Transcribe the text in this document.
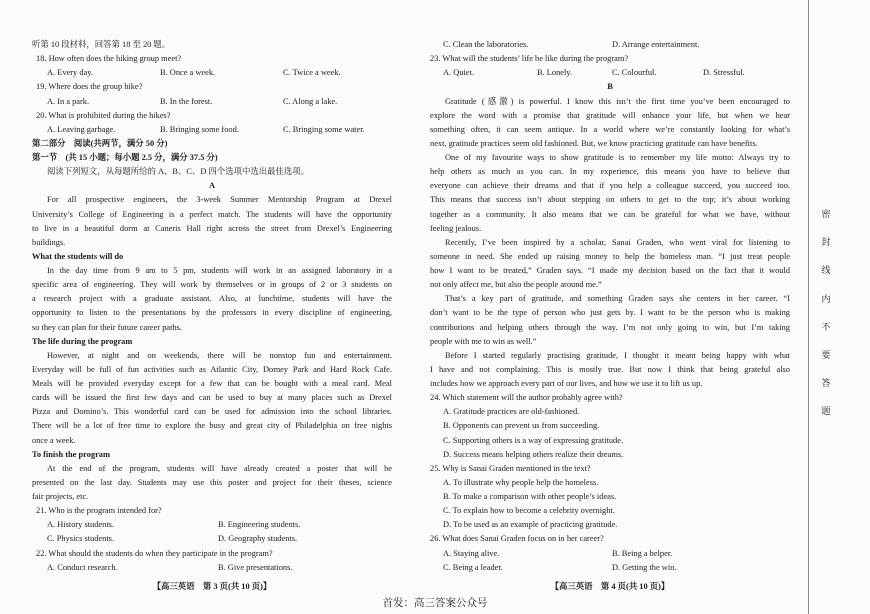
听第 10 段材料，回答第 18 至 20 题。
18. How often does the hiking group meet?
A. Every day.	B. Once a week.	C. Twice a week.
19. Where does the group hike?
A. In a park.	B. In the forest.	C. Along a lake.
20. What is prohibited during the hikes?
A. Leaving garbage.	B. Bringing some food.	C. Bringing some water.
第二部分　阅读(共两节，满分 50 分)
第一节　(共 15 小题；每小题 2.5 分，满分 37.5 分)
阅读下列短文，从每题所给的 A、B、C、D 四个选项中选出最佳选项。
A
For all prospective engineers, the 3-week Summer Mentorship Program at Drexel
University’s College of Engineering is a perfect match. The students will have the opportunity
to live in a beautiful dorm at Caneris Hall right across the street from Drexel’s Engineering
buildings.
What the students will do
In the day time from 9 am to 5 pm, students will work in an assigned laboratory in a
specific area of engineering. They will work by themselves or in groups of 2 or 3 students on
a research project with a graduate assistant. Also, at lunchtime, students will have the
opportunity to listen to the presentations by the professors in every discipline of engineering,
so they can plan for their future career paths.
The life during the program
However, at night and on weekends, there will be nonstop fun and entertainment.
Everyday will be full of fun activities such as Atlantic City, Dorney Park and Hard Rock Cafe.
Meals will be provided everyday except for a few that can be bought with a meal card. Meal
cards will be issued the first few days and can be used to buy at many places such as Drexel
Pizza and Domino’s. This wonderful card can be used for admission into the school libraries.
There will be a lot of free time to explore the busy and great city of Philadelphia on free nights
once a week.
To finish the program
At the end of the program, students will have already created a poster that will be
presented on the last day. Students may use this poster and project for their theses, science
fair projects, etc.
21. Who is the program intended for?
A. History students.	B. Engineering students.
C. Physics students.	D. Geography students.
22. What should the students do when they participate in the program?
A. Conduct research.	B. Give presentations.
C. Clean the laboratories.	D. Arrange entertainment.
23. What will the students’ life be like during the program?
A. Quiet.	B. Lonely.	C. Colourful.	D. Stressful.
B
Gratitude (感激) is powerful. I know this isn’t the first time you’ve been encouraged to
explore the word with a promise that gratitude will enhance your life, but when we hear
something often, it can seem antique. In a world where we’re constantly looking for what’s
next, gratitude practices seem old fashioned. But, we know practicing gratitude can have benefits.
One of my favourite ways to show gratitude is to remember my life motto: Always try to
help others as much as you can. In my experience, this means you have to believe that
everyone can achieve their dreams and that if you help a colleague succeed, you succeed too.
This means that success isn’t about stepping on others to get to the top; it’s about working
together as a community. It also means that we can be grateful for what we have, without
feeling jealous.
Recently, I’ve been inspired by a scholar, Sanai Graden, who went viral for listening to
someone in need. She ended up raising money to help the homeless man. “I just treat people
how I want to be treated,” Graden says. “I made my decision based on the fact that it would
not only affect me, but also the people around me.”
That’s a key part of gratitude, and something Graden says she centers in her career. “I
don’t want to be the type of person who just gets by. I want to be the person who is making
contributions and helping others through the way. I’m not only going to win, but I’m taking
people with me to win as well.”
Before I started regularly practising gratitude, I thought it meant being happy with what
I have and not complaining. This is mostly true. But now I think that being grateful also
includes how we approach every part of our lives, and how we use it to lift us up.
24. Which statement will the author probably agree with?
A. Gratitude practices are old-fashioned.
B. Opponents can prevent us from succeeding.
C. Supporting others is a way of expressing gratitude.
D. Success means helping others realize their dreams.
25. Why is Sanai Graden mentioned in the text?
A. To illustrate why people help the homeless.
B. To make a comparison with other people’s ideas.
C. To explain how to become a celebrity overnight.
D. To be used as an example of practicing gratitude.
26. What does Sanai Graden focus on in her career?
A. Staying alive.	B. Being a helper.
C. Being a leader.	D. Getting the win.
【高三英语　第 3 页(共 10 页)】	【高三英语　第 4 页(共 10 页)】
首发：高三答案公众号
密
封
线
内
不
要
答
题
